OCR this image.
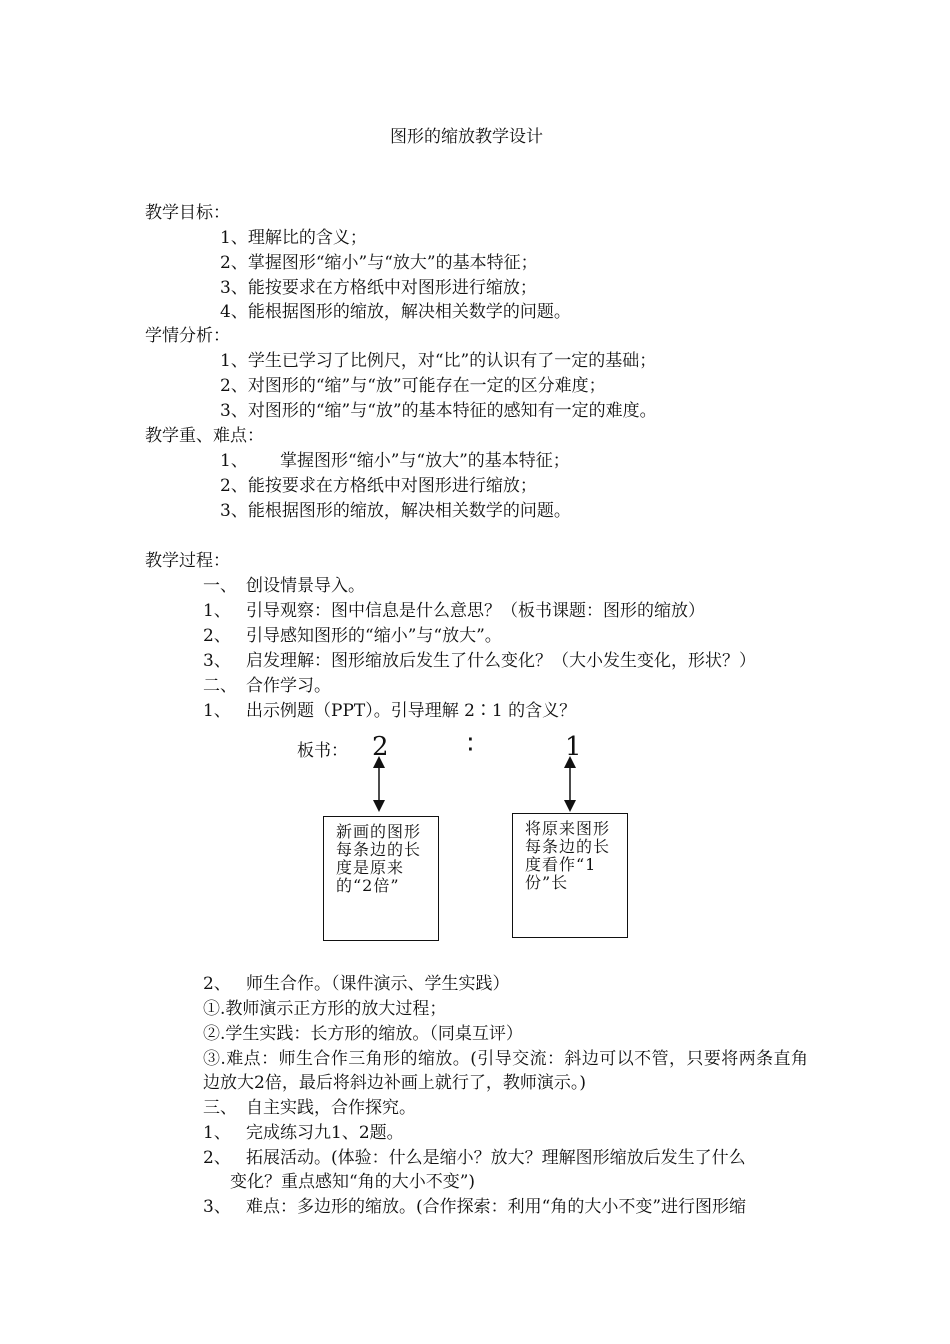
图形的缩放教学设计
教学目标：
1、理解比的含义；
2、掌握图形“缩小”与“放大”的基本特征；
3、能按要求在方格纸中对图形进行缩放；
4、能根据图形的缩放，解决相关数学的问题。
学情分析：
1、学生已学习了比例尺，对“比”的认识有了一定的基础；
2、对图形的“缩”与“放”可能存在一定的区分难度；
3、对图形的“缩”与“放”的基本特征的感知有一定的难度。
教学重、难点：
1、 掌握图形“缩小”与“放大”的基本特征；
2、能按要求在方格纸中对图形进行缩放；
3、能根据图形的缩放，解决相关数学的问题。
教学过程：
一、 创设情景导入。
1、 引导观察：图中信息是什么意思？（板书课题：图形的缩放）
2、 引导感知图形的“缩小”与“放大”。
3、 启发理解：图形缩放后发生了什么变化？（大小发生变化，形状？）
二、 合作学习。
1、 出示例题（PPT）。引导理解 2∶1 的含义？
板书： 2	∶	1
新画的图形每条边的长度是原来的“2倍”
将原来图形每条边的长度看作“1份”长
2、 师生合作。（课件演示、学生实践）
①.教师演示正方形的放大过程；
②.学生实践：长方形的缩放。（同桌互评）
③.难点：师生合作三角形的缩放。(引导交流：斜边可以不管，只要将两条直角边放大2倍，最后将斜边补画上就行了，教师演示。)
三、 自主实践，合作探究。
1、 完成练习九1、2题。
2、 拓展活动。(体验：什么是缩小？放大？理解图形缩放后发生了什么
变化？重点感知“角的大小不变”)
3、 难点：多边形的缩放。(合作探索：利用“角的大小不变”进行图形缩
